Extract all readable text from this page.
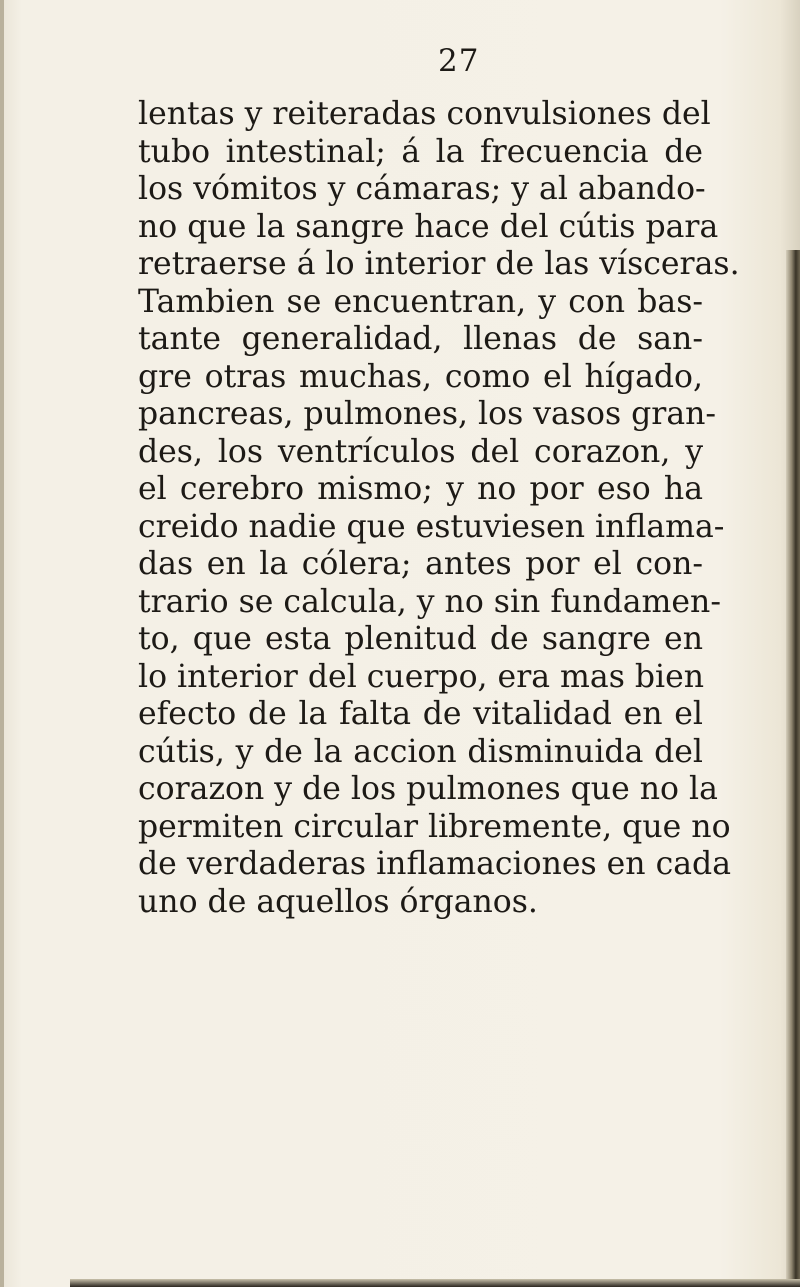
27
lentas y reiteradas convulsiones del
tubo intestinal; á la frecuencia de
los vómitos y cámaras; y al abando-
no que la sangre hace del cútis para
retraerse á lo interior de las vísceras.
Tambien se encuentran, y con bas-
tante generalidad, llenas de san-
gre otras muchas, como el hígado,
pancreas, pulmones, los vasos gran-
des, los ventrículos del corazon, y
el cerebro mismo; y no por eso ha
creido nadie que estuviesen inflama-
das en la cólera; antes por el con-
trario se calcula, y no sin fundamen-
to, que esta plenitud de sangre en
lo interior del cuerpo, era mas bien
efecto de la falta de vitalidad en el
cútis, y de la accion disminuida del
corazon y de los pulmones que no la
permiten circular libremente, que no
de verdaderas inflamaciones en cada
uno de aquellos órganos.
